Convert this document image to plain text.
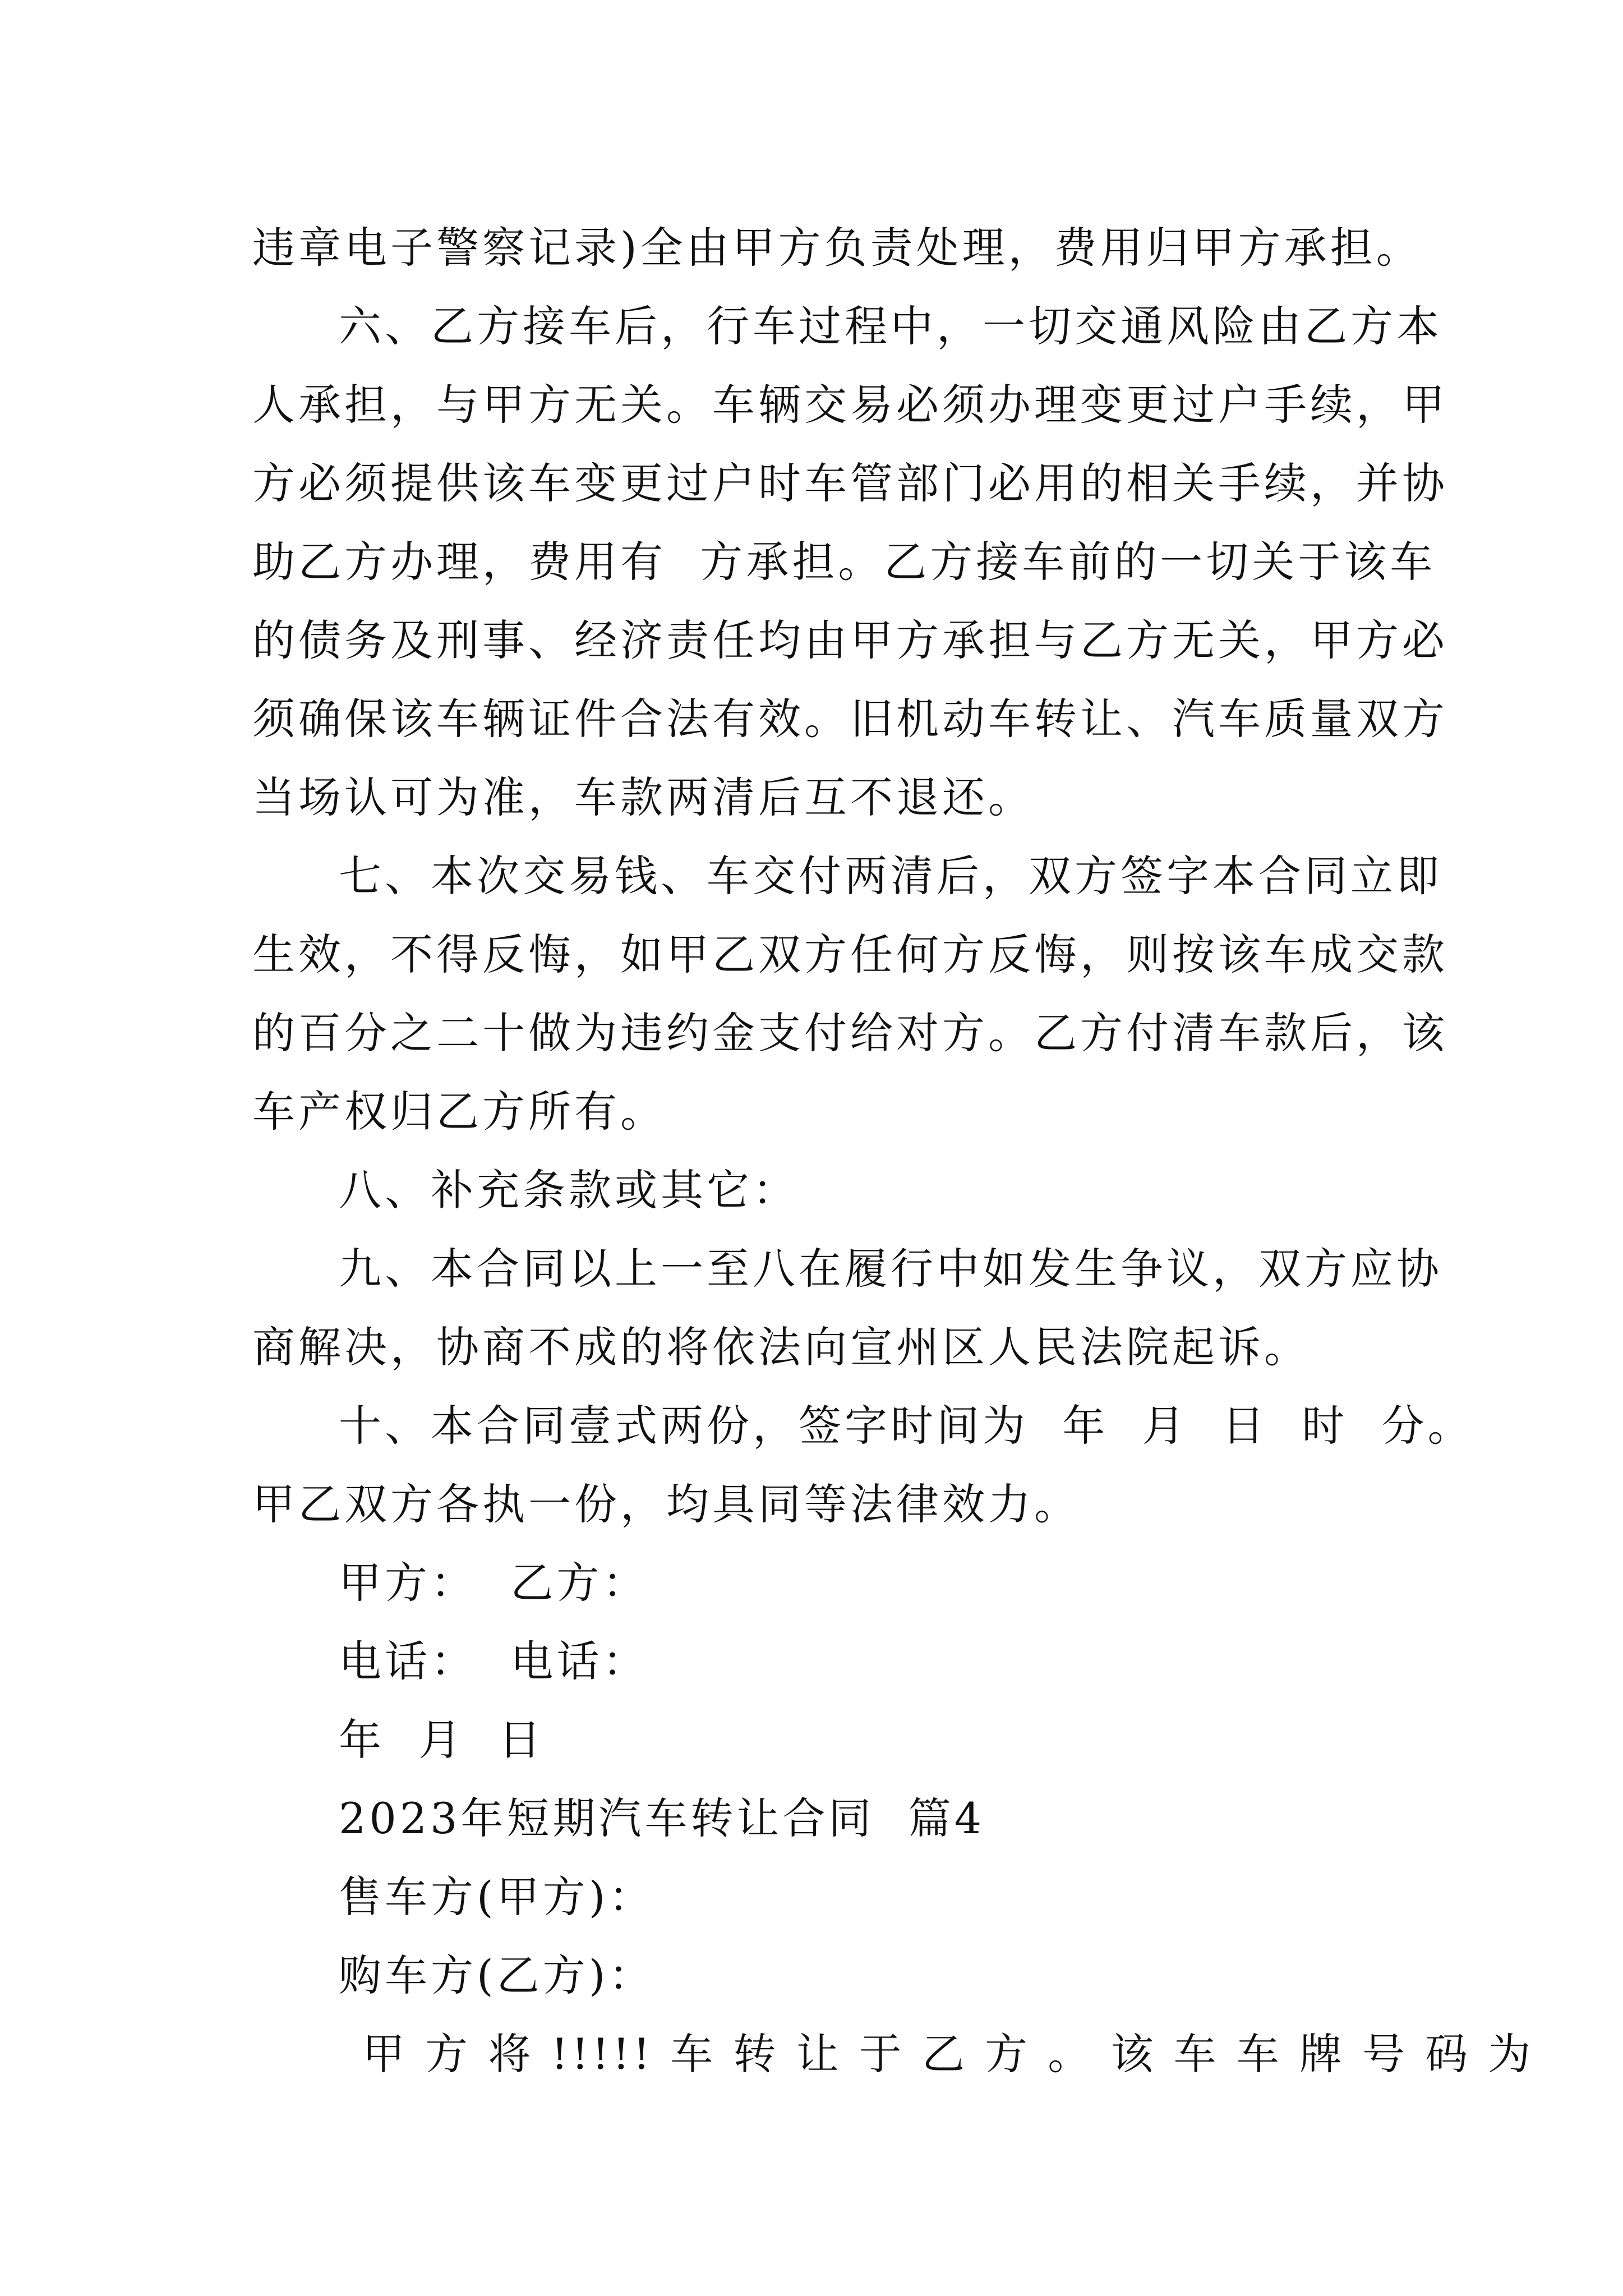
违章电子警察记录)全由甲方负责处理，费用归甲方承担。
六、乙方接车后，行车过程中，一切交通风险由乙方本
人承担，与甲方无关。车辆交易必须办理变更过户手续，甲
方必须提供该车变更过户时车管部门必用的相关手续，并协
助乙方办理，费用有  方承担。乙方接车前的一切关于该车
的债务及刑事、经济责任均由甲方承担与乙方无关，甲方必
须确保该车辆证件合法有效。旧机动车转让、汽车质量双方
当场认可为准，车款两清后互不退还。
七、本次交易钱、车交付两清后，双方签字本合同立即
生效，不得反悔，如甲乙双方任何方反悔，则按该车成交款
的百分之二十做为违约金支付给对方。乙方付清车款后，该
车产权归乙方所有。
八、补充条款或其它：
九、本合同以上一至八在履行中如发生争议，双方应协
商解决，协商不成的将依法向宣州区人民法院起诉。
十、本合同壹式两份，签字时间为  年  月  日  时  分。
甲乙双方各执一份，均具同等法律效力。
甲方：  乙方：
电话：  电话：
年  月  日
2023年短期汽车转让合同  篇4
售车方(甲方)：
购车方(乙方)：
甲 方 将 !!!!! 车 转 让 于 乙 方 。 该 车 车 牌 号 码 为
